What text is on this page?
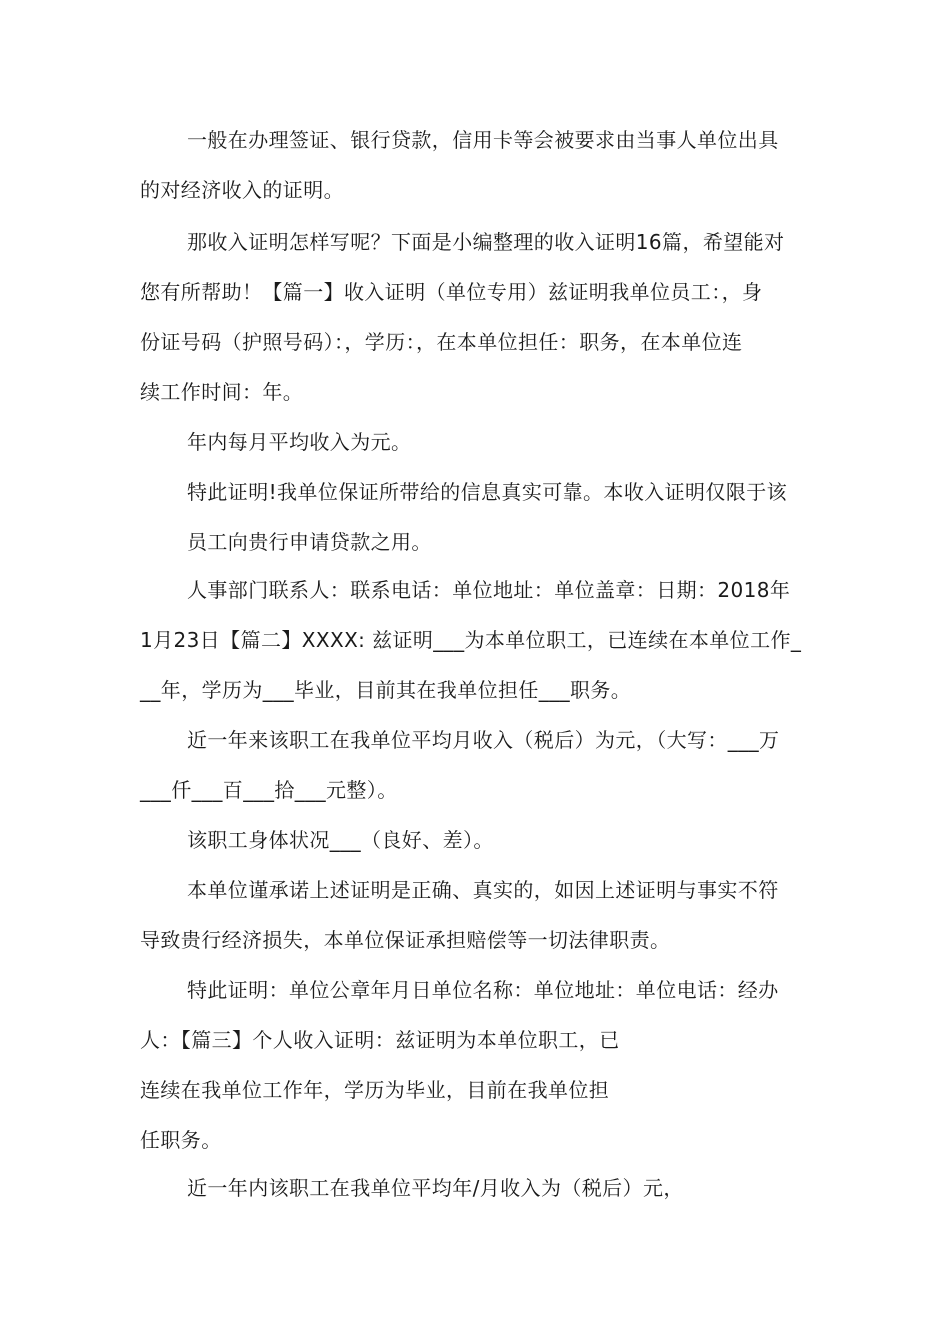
一般在办理签证、银行贷款，信用卡等会被要求由当事人单位出具
的对经济收入的证明。
那收入证明怎样写呢？下面是小编整理的收入证明16篇，希望能对
您有所帮助！【篇一】收入证明（单位专用）兹证明我单位员工：，身
份证号码（护照号码）：，学历：，在本单位担任：职务，在本单位连
续工作时间：年。
年内每月平均收入为元。
特此证明!我单位保证所带给的信息真实可靠。本收入证明仅限于该
员工向贵行申请贷款之用。
人事部门联系人：联系电话：单位地址：单位盖章：日期：2018年
1月23日【篇二】XXXX: 兹证明___为本单位职工，已连续在本单位工作_
__年，学历为___毕业，目前其在我单位担任___职务。
近一年来该职工在我单位平均月收入（税后）为元，（大写：___万
___仟___百___拾___元整）。
该职工身体状况___（良好、差）。
本单位谨承诺上述证明是正确、真实的，如因上述证明与事实不符
导致贵行经济损失，本单位保证承担赔偿等一切法律职责。
特此证明：单位公章年月日单位名称：单位地址：单位电话：经办
人：【篇三】个人收入证明：兹证明为本单位职工，已
连续在我单位工作年，学历为毕业，目前在我单位担
任职务。
近一年内该职工在我单位平均年/月收入为（税后）元，
